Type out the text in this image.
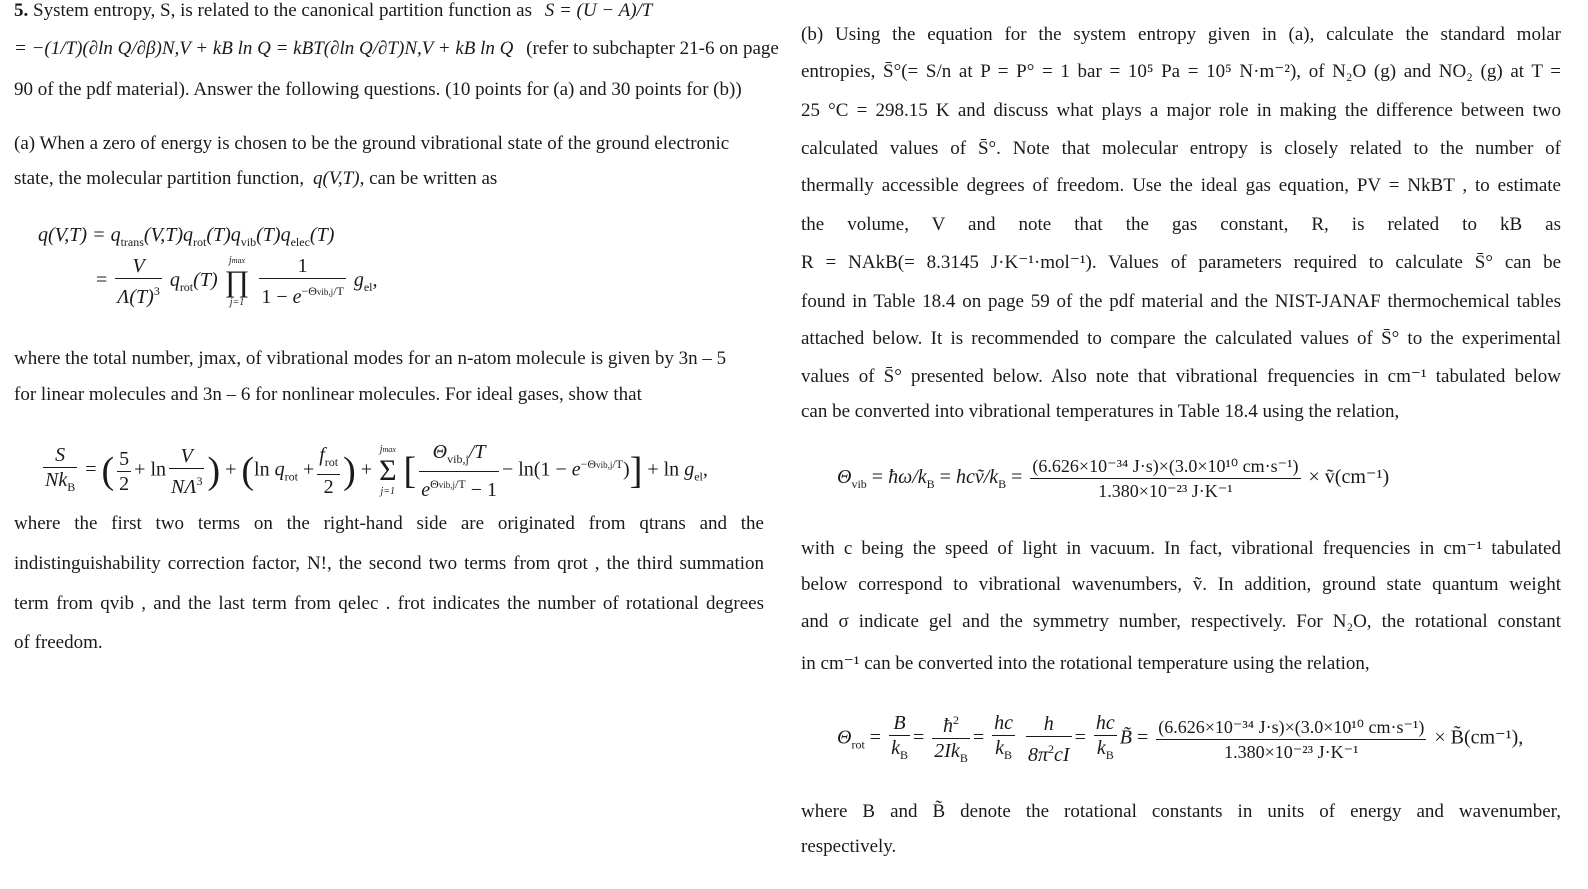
5. System entropy, S, is related to the canonical partition function as S = (U − A)/T
= −(1/T)(∂ln Q/∂β)N,V + kB ln Q = kBT(∂ln Q/∂T)N,V + kB ln Q (refer to subchapter 21-6 on page
90 of the pdf material). Answer the following questions. (10 points for (a) and 30 points for (b))
(a) When a zero of energy is chosen to be the ground vibrational state of the ground electronic
state, the molecular partition function, q(V,T), can be written as
$q(V,T) = q_{trans}(V,T)q_{rot}(T)q_{vib}(T)q_{elec}(T)$
= $\frac{V}{\Lambda(T)^3} q_{rot}(T)$
jmax
∏
j=1
$\frac{1}{1 - e^{-\Theta vib,j/T}} g_{el}$,
where the total number, jmax, of vibrational modes for an n-atom molecule is given by 3n – 5
for linear molecules and 3n – 6 for nonlinear molecules. For ideal gases, show that
$\frac{S}{Nk_B}$ = ( $\frac{5}{2} + \ln \frac{V}{N\Lambda^3}$ ) + (ln $q_{rot} + \frac{f_{rot}}{2}$ ) +
jmax
Σ
j=1 [ $\frac{\Theta_{vib,j}/T}{e^{\Theta vib,j/T} - 1} - \ln(1 - e^{-\Theta vib,j/T})] + \ln g_{el}$,
where the first two terms on the right-hand side are originated from qtrans and the
indistinguishability correction factor, N!, the second two terms from qrot , the third summation
term from qvib , and the last term from qelec . frot indicates the number of rotational degrees
of freedom.
(b) Using the equation for the system entropy given in (a), calculate the standard molar
entropies, S̄°(= S/n at P = P° = 1 bar = 10⁵ Pa = 10⁵ N·m⁻²), of N₂O (g) and NO₂ (g) at T =
25 °C = 298.15 K and discuss what plays a major role in making the difference between two
calculated values of S̄°. Note that molecular entropy is closely related to the number of
thermally accessible degrees of freedom. Use the ideal gas equation, PV = NkBT , to estimate
the volume, V and note that the gas constant, R, is related to kB as
R = NAkB(= 8.3145 J·K⁻¹·mol⁻¹). Values of parameters required to calculate S̄° can be
found in Table 18.4 on page 59 of the pdf material and the NIST-JANAF thermochemical tables
attached below. It is recommended to compare the calculated values of S̄° to the experimental
values of S̄° presented below. Also note that vibrational frequencies in cm⁻¹ tabulated below
can be converted into vibrational temperatures in Table 18.4 using the relation,
$\Theta_{vib}$ = $ħ\omega/k_B$ = hcṽ/$k_B = \frac{\text{(6.626×10⁻³⁴ J·s)×(3.0×10¹⁰ cm·s⁻¹)}}{\text{1.380×10⁻²³ J·K⁻¹}}$ × ṽ(cm⁻¹)
with c being the speed of light in vacuum. In fact, vibrational frequencies in cm⁻¹ tabulated
below correspond to vibrational wavenumbers, ṽ. In addition, ground state quantum weight
and σ indicate gel and the symmetry number, respectively. For N₂O, the rotational constant
in cm⁻¹ can be converted into the rotational temperature using the relation,
$\Theta_{rot} = \frac{B}{k_B} = \frac{ħ^2}{2Ik_B} = \frac{hc}{k_B}$
$\frac{h}{8\pi^2cI} = \frac{hc}{k_B}$ B̃ = $\frac{\text{(6.626×10⁻³⁴ J·s)×(3.0×10¹⁰ cm·s⁻¹)}}{\text{1.380×10⁻²³ J·K⁻¹}}$ × B̃(cm⁻¹),
where B and B̃ denote the rotational constants in units of energy and wavenumber,
respectively.
